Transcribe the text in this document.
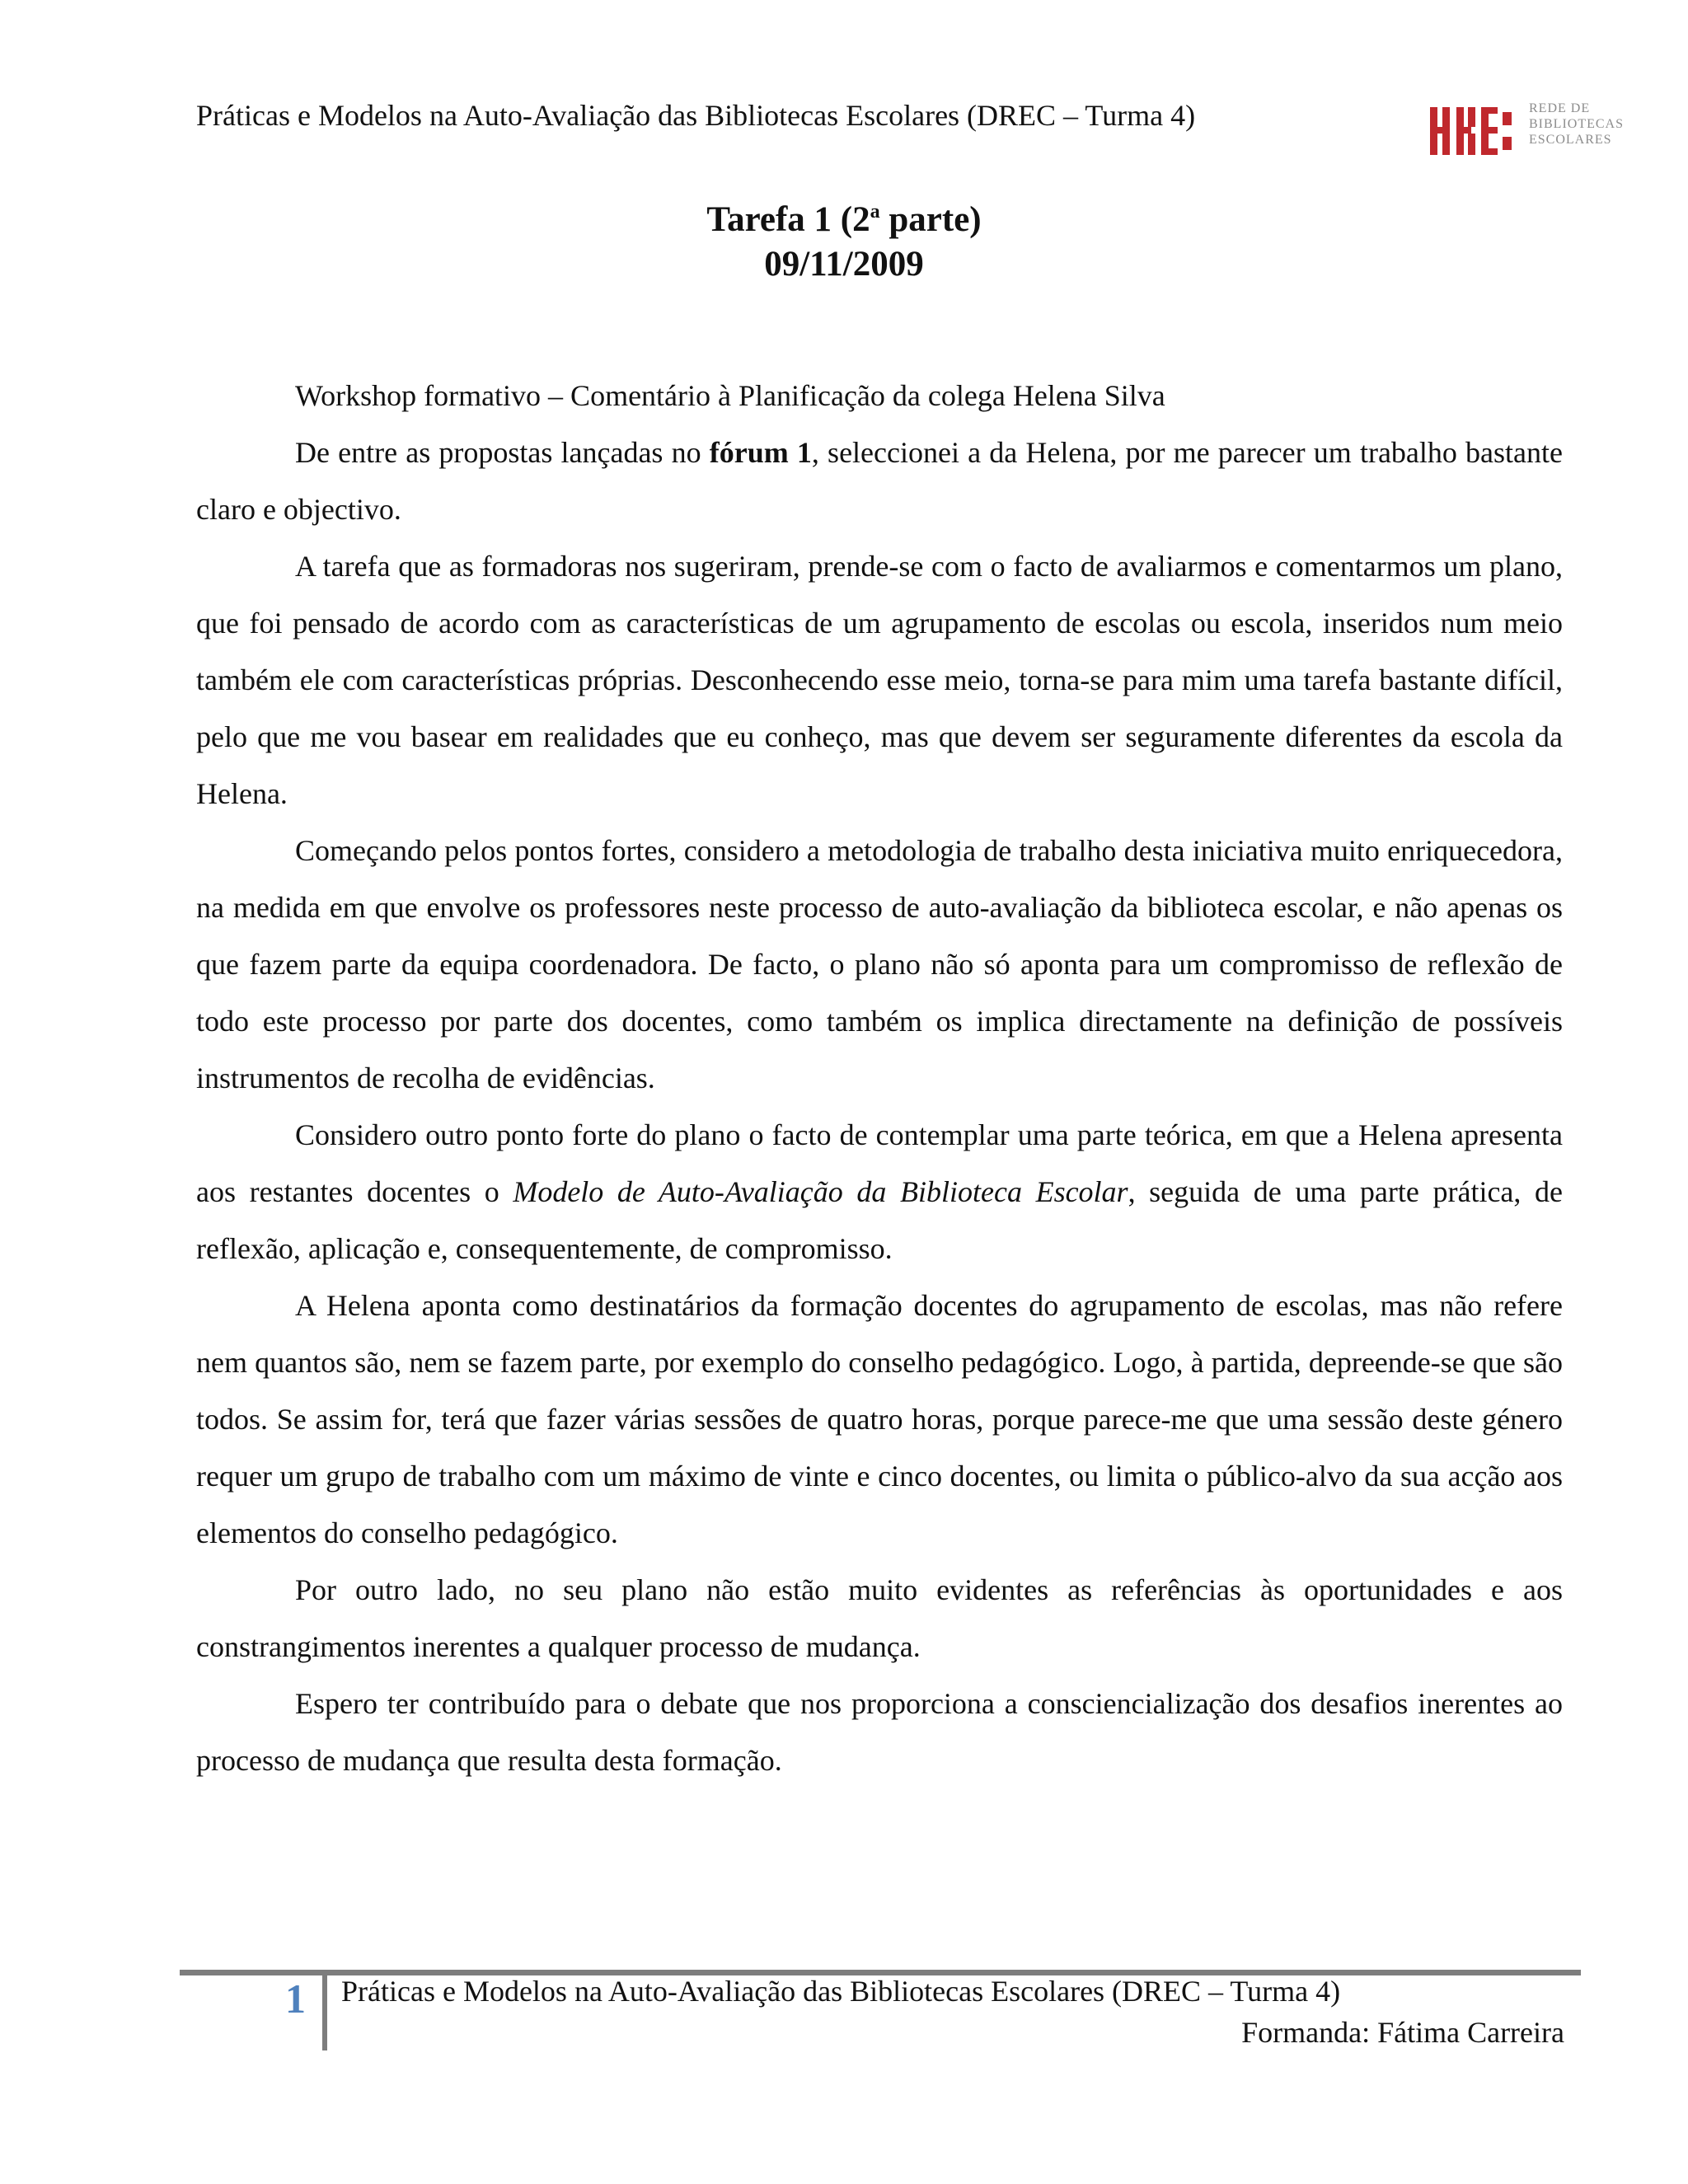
Práticas e Modelos na Auto-Avaliação das Bibliotecas Escolares (DREC – Turma 4)	REDE DE
BIBLIOTECAS
ESCOLARES
Tarefa 1 (2$^a$ parte)
09/11/2009

Workshop formativo – Comentário à Planificação da colega Helena Silva

De entre as propostas lançadas no fórum 1, seleccionei a da Helena, por me parecer um trabalho bastante claro e objectivo.

A tarefa que as formadoras nos sugeriram, prende-se com o facto de avaliarmos e comentarmos um plano, que foi pensado de acordo com as características de um agrupamento de escolas ou escola, inseridos num meio também ele com características próprias. Desconhecendo esse meio, torna-se para mim uma tarefa bastante difícil, pelo que me vou basear em realidades que eu conheço, mas que devem ser seguramente diferentes da escola da Helena.

Começando pelos pontos fortes, considero a metodologia de trabalho desta iniciativa muito enriquecedora, na medida em que envolve os professores neste processo de auto-avaliação da biblioteca escolar, e não apenas os que fazem parte da equipa coordenadora. De facto, o plano não só aponta para um compromisso de reflexão de todo este processo por parte dos docentes, como também os implica directamente na definição de possíveis instrumentos de recolha de evidências.

Considero outro ponto forte do plano o facto de contemplar uma parte teórica, em que a Helena apresenta aos restantes docentes o Modelo de Auto-Avaliação da Biblioteca Escolar, seguida de uma parte prática, de reflexão, aplicação e, consequentemente, de compromisso.

A Helena aponta como destinatários da formação docentes do agrupamento de escolas, mas não refere nem quantos são, nem se fazem parte, por exemplo do conselho pedagógico. Logo, à partida, depreende-se que são todos. Se assim for, terá que fazer várias sessões de quatro horas, porque parece-me que uma sessão deste género requer um grupo de trabalho com um máximo de vinte e cinco docentes, ou limita o público-alvo da sua acção aos elementos do conselho pedagógico.

Por outro lado, no seu plano não estão muito evidentes as referências às oportunidades e aos constrangimentos inerentes a qualquer processo de mudança.

Espero ter contribuído para o debate que nos proporciona a consciencialização dos desafios inerentes ao processo de mudança que resulta desta formação.

1 Práticas e Modelos na Auto-Avaliação das Bibliotecas Escolares (DREC – Turma 4)
Formanda: Fátima Carreira
